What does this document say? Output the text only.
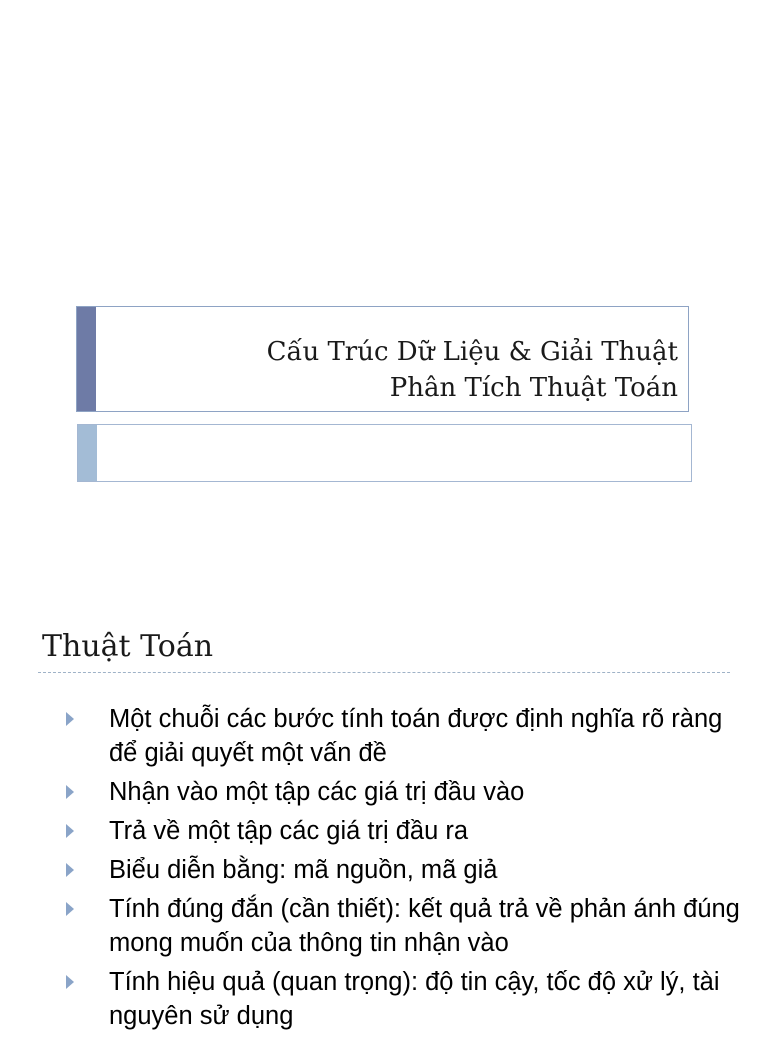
Cấu Trúc Dữ Liệu & Giải Thuật
Phân Tích Thuật Toán
Thuật Toán
Một chuỗi các bước tính toán được định nghĩa rõ ràng để giải quyết một vấn đề
Nhận vào một tập các giá trị đầu vào
Trả về một tập các giá trị đầu ra
Biểu diễn bằng: mã nguồn, mã giả
Tính đúng đắn (cần thiết): kết quả trả về phản ánh đúng mong muốn của thông tin nhận vào
Tính hiệu quả (quan trọng): độ tin cậy, tốc độ xử lý, tài nguyên sử dụng
